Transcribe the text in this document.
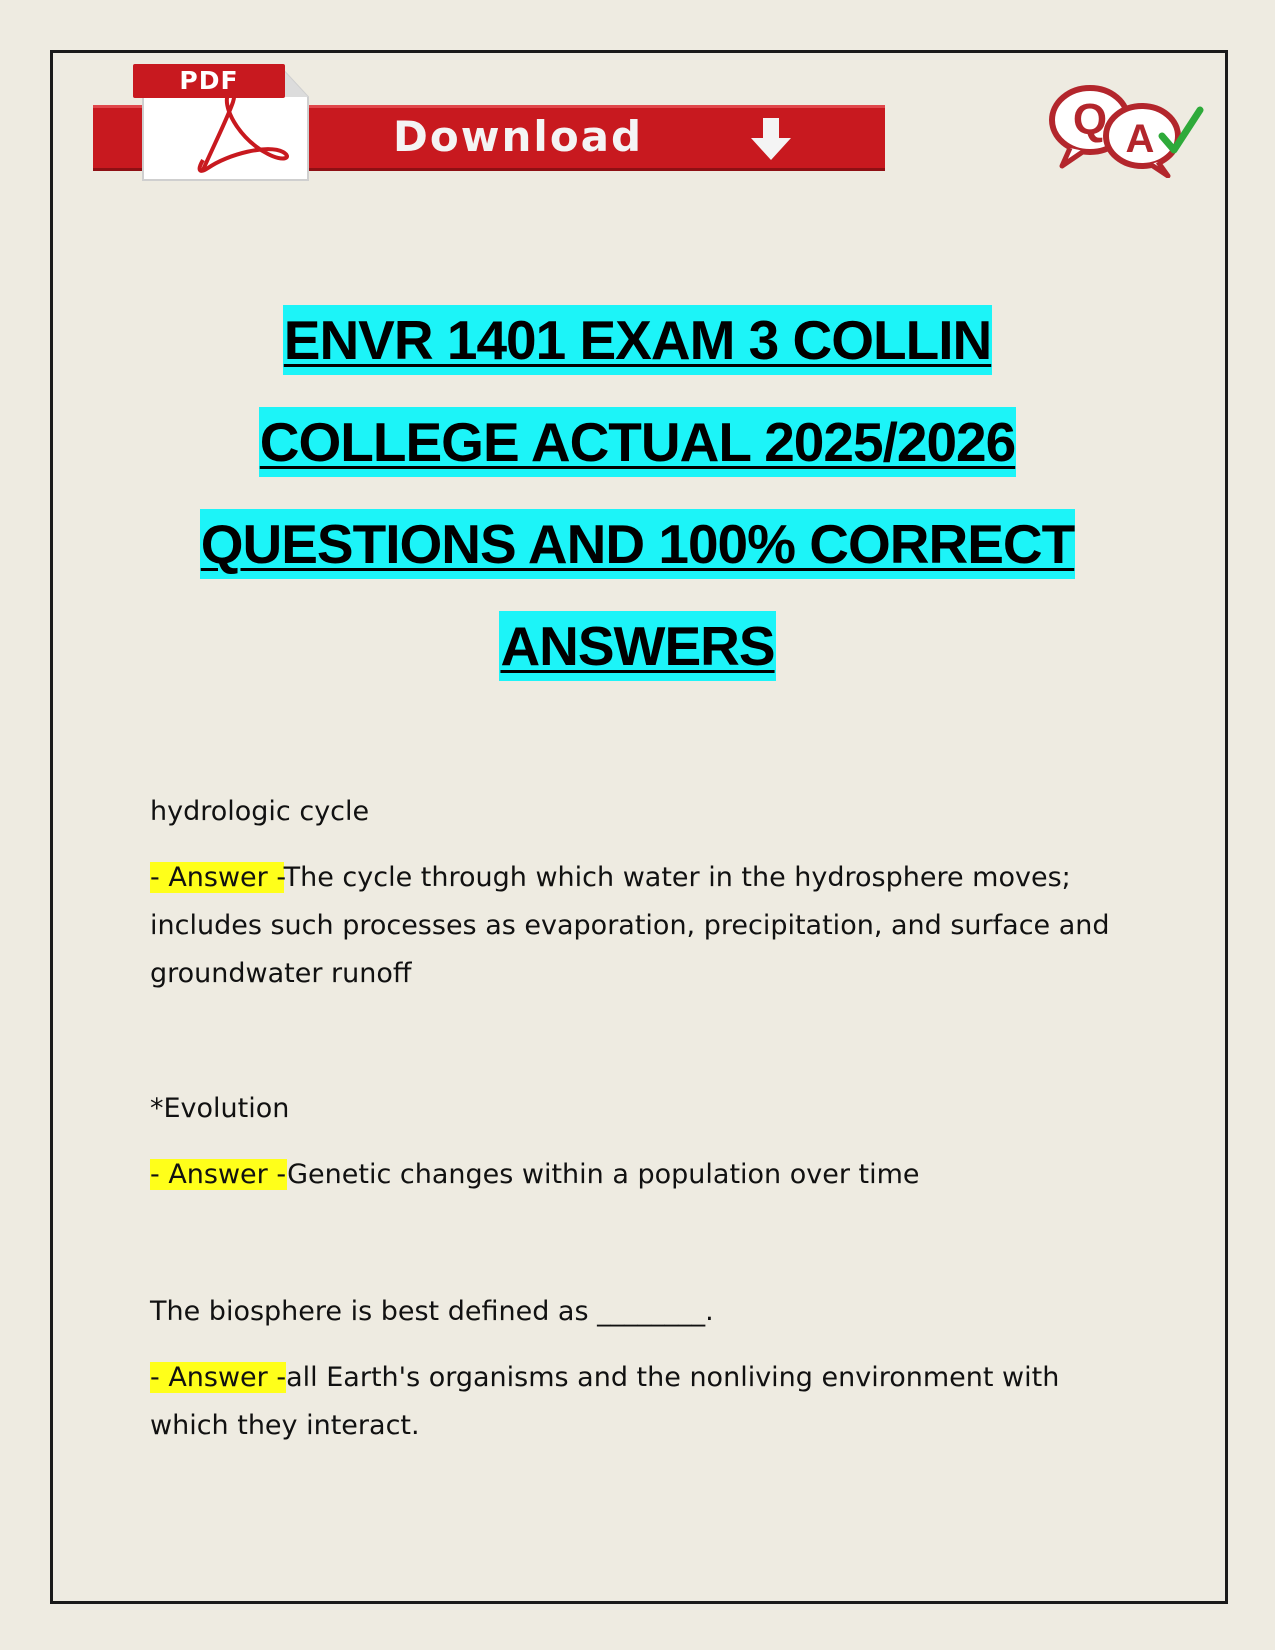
PDF
Download	Q A
ENVR 1401 EXAM 3 COLLIN
COLLEGE ACTUAL 2025/2026
QUESTIONS AND 100% CORRECT
ANSWERS
hydrologic cycle
- Answer -The cycle through which water in the hydrosphere moves; includes such processes as evaporation, precipitation, and surface and groundwater runoff
*Evolution
- Answer -Genetic changes within a population over time
The biosphere is best defined as ________.
- Answer -all Earth's organisms and the nonliving environment with which they interact.
